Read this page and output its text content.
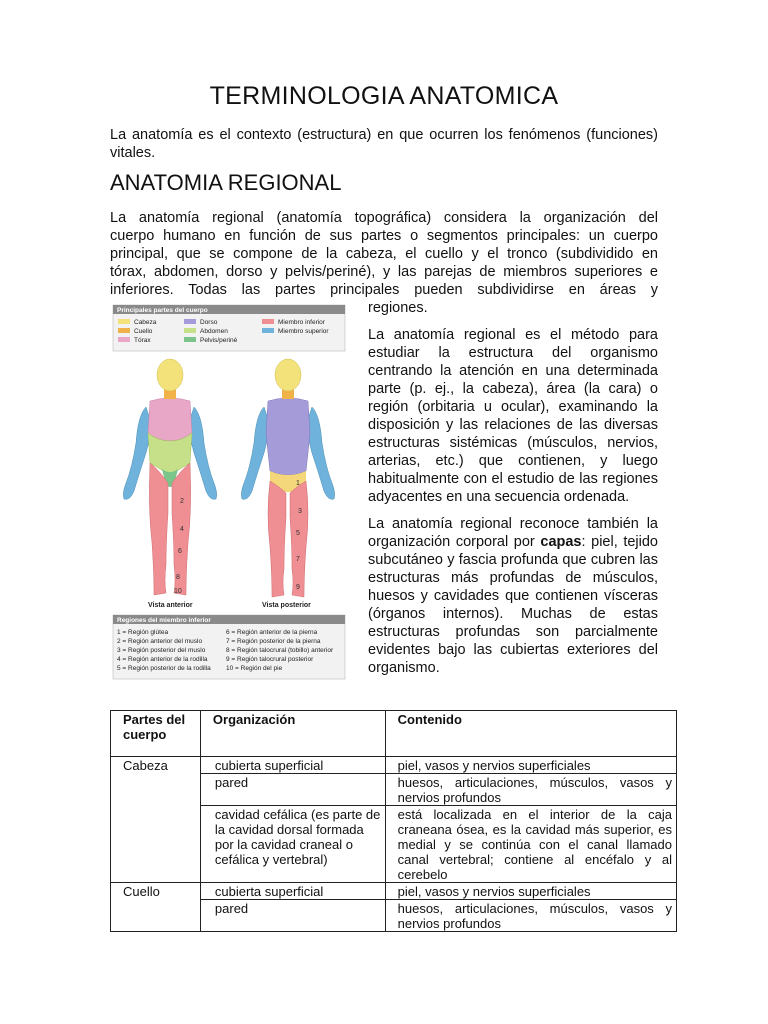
TERMINOLOGIA ANATOMICA

La anatomía es el contexto (estructura) en que ocurren los fenómenos (funciones) vitales.

ANATOMIA REGIONAL

La anatomía regional (anatomía topográfica) considera la organización del
cuerpo humano en función de sus partes o segmentos principales: un cuerpo
principal, que se compone de la cabeza, el cuello y el tronco (subdividido en
tórax, abdomen, dorso y pelvis/periné), y las parejas de miembros superiores e
inferiores. Todas las partes principales pueden subdividirse en áreas y

Principales partes del cuerpo
Cabeza
Cuello
Tórax
Dorso
Abdomen
Pelvis/periné
Miembro inferior
Miembro superior
2
4
6
8
10
1
3
5
7
9
Vista anterior	Vista posterior
Regiones del miembro inferior
1 = Región glútea
2 = Región anterior del muslo
3 = Región posterior del muslo
4 = Región anterior de la rodilla
5 = Región posterior de la rodilla
6 = Región anterior de la pierna
7 = Región posterior de la pierna
8 = Región talocrural (tobillo) anterior
9 = Región talocrural posterior
10 = Región del pie

regiones.

La anatomía regional es el método para estudiar la estructura del organismo centrando la atención en una determinada parte (p. ej., la cabeza), área (la cara) o región (orbitaria u ocular), examinando la disposición y las relaciones de las diversas estructuras sistémicas (músculos, nervios, arterias, etc.) que contienen, y luego habitualmente con el estudio de las regiones adyacentes en una secuencia ordenada.

La anatomía regional reconoce también la organización corporal por capas: piel, tejido subcutáneo y fascia profunda que cubren las estructuras más profundas de músculos, huesos y cavidades que contienen vísceras (órganos internos). Muchas de estas estructuras profundas son parcialmente evidentes bajo las cubiertas exteriores del organismo.

Partes del cuerpo	Organización	Contenido
Cabeza	cubierta superficial	piel, vasos y nervios superficiales
	pared	huesos, articulaciones, músculos, vasos y nervios profundos
	cavidad cefálica (es parte de la cavidad dorsal formada por la cavidad craneal o cefálica y vertebral)	está localizada en el interior de la caja craneana ósea, es la cavidad más superior, es medial y se continúa con el canal llamado canal vertebral; contiene al encéfalo y al cerebelo
Cuello	cubierta superficial	piel, vasos y nervios superficiales
	pared	huesos, articulaciones, músculos, vasos y nervios profundos
